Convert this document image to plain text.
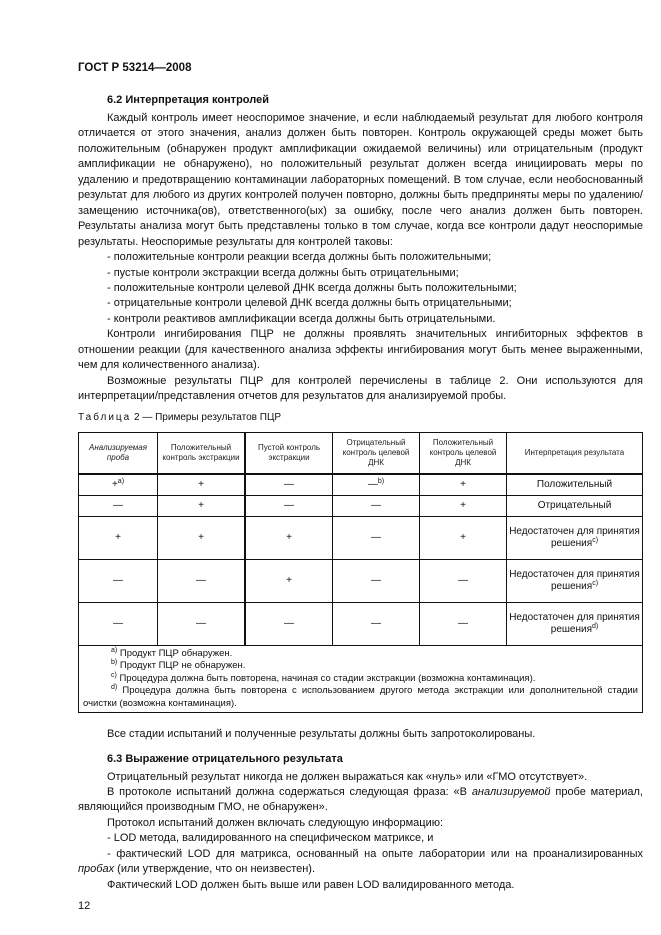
ГОСТ Р 53214—2008
6.2 Интерпретация контролей

Каждый контроль имеет неоспоримое значение, и если наблюдаемый результат для любого контроля отличается от этого значения, анализ должен быть повторен. Контроль окружающей среды может быть положительным (обнаружен продукт амплификации ожидаемой величины) или отрицательным (продукт амплификации не обнаружено), но положительный результат должен всегда инициировать меры по удалению и предотвращению контаминации лабораторных помещений. В том случае, если необоснованный результат для любого из других контролей получен повторно, должны быть предприняты меры по удалению/замещению источника(ов), ответственного(ых) за ошибку, после чего анализ должен быть повторен. Результаты анализа могут быть представлены только в том случае, когда все контроли дадут неоспоримые результаты. Неоспоримые результаты для контролей таковы:

- положительные контроли реакции всегда должны быть положительными;

- пустые контроли экстракции всегда должны быть отрицательными;

- положительные контроли целевой ДНК всегда должны быть положительными;

- отрицательные контроли целевой ДНК всегда должны быть отрицательными;

- контроли реактивов амплификации всегда должны быть отрицательными.

Контроли ингибирования ПЦР не должны проявлять значительных ингибиторных эффектов в отношении реакции (для качественного анализа эффекты ингибирования могут быть менее выраженными, чем для количественного анализа).

Возможные результаты ПЦР для контролей перечислены в таблице 2. Они используются для интерпретации/представления отчетов для результатов для анализируемой пробы.

Таблица 2 — Примеры результатов ПЦР
Анализируемая проба	Положительный контроль экстракции	Пустой контроль экстракции	Отрицательный контроль целевой ДНК	Положительный контроль целевой ДНК	Интерпретация результата
+$^{а)}$	+	—	—$^{b)}$	+	Положительный
—	+	—	—	+	Отрицательный
+	+	+	—	+	Недостаточен для принятия решения$^{c)}$
—	—	+	—	—	Недостаточен для принятия решения$^{c)}$
—	—	—	—	—	Недостаточен для принятия решения$^{d)}$

$^{а)}$ Продукт ПЦР обнаружен.
$^{b)}$ Продукт ПЦР не обнаружен.
$^{c)}$ Процедура должна быть повторена, начиная со стадии экстракции (возможна контаминация).
$^{d)}$ Процедура должна быть повторена с использованием другого метода экстракции или дополнительной стадии очистки (возможна контаминация).					

Все стадии испытаний и полученные результаты должны быть запротоколированы.

6.3 Выражение отрицательного результата

Отрицательный результат никогда не должен выражаться как «нуль» или «ГМО отсутствует».

В протоколе испытаний должна содержаться следующая фраза: «В анализируемой пробе материал, являющийся производным ГМО, не обнаружен».

Протокол испытаний должен включать следующую информацию:

- LOD метода, валидированного на специфическом матриксе, и

- фактический LOD для матрикса, основанный на опыте лаборатории или на проанализированных пробах (или утверждение, что он неизвестен).

Фактический LOD должен быть выше или равен LOD валидированного метода.

12
